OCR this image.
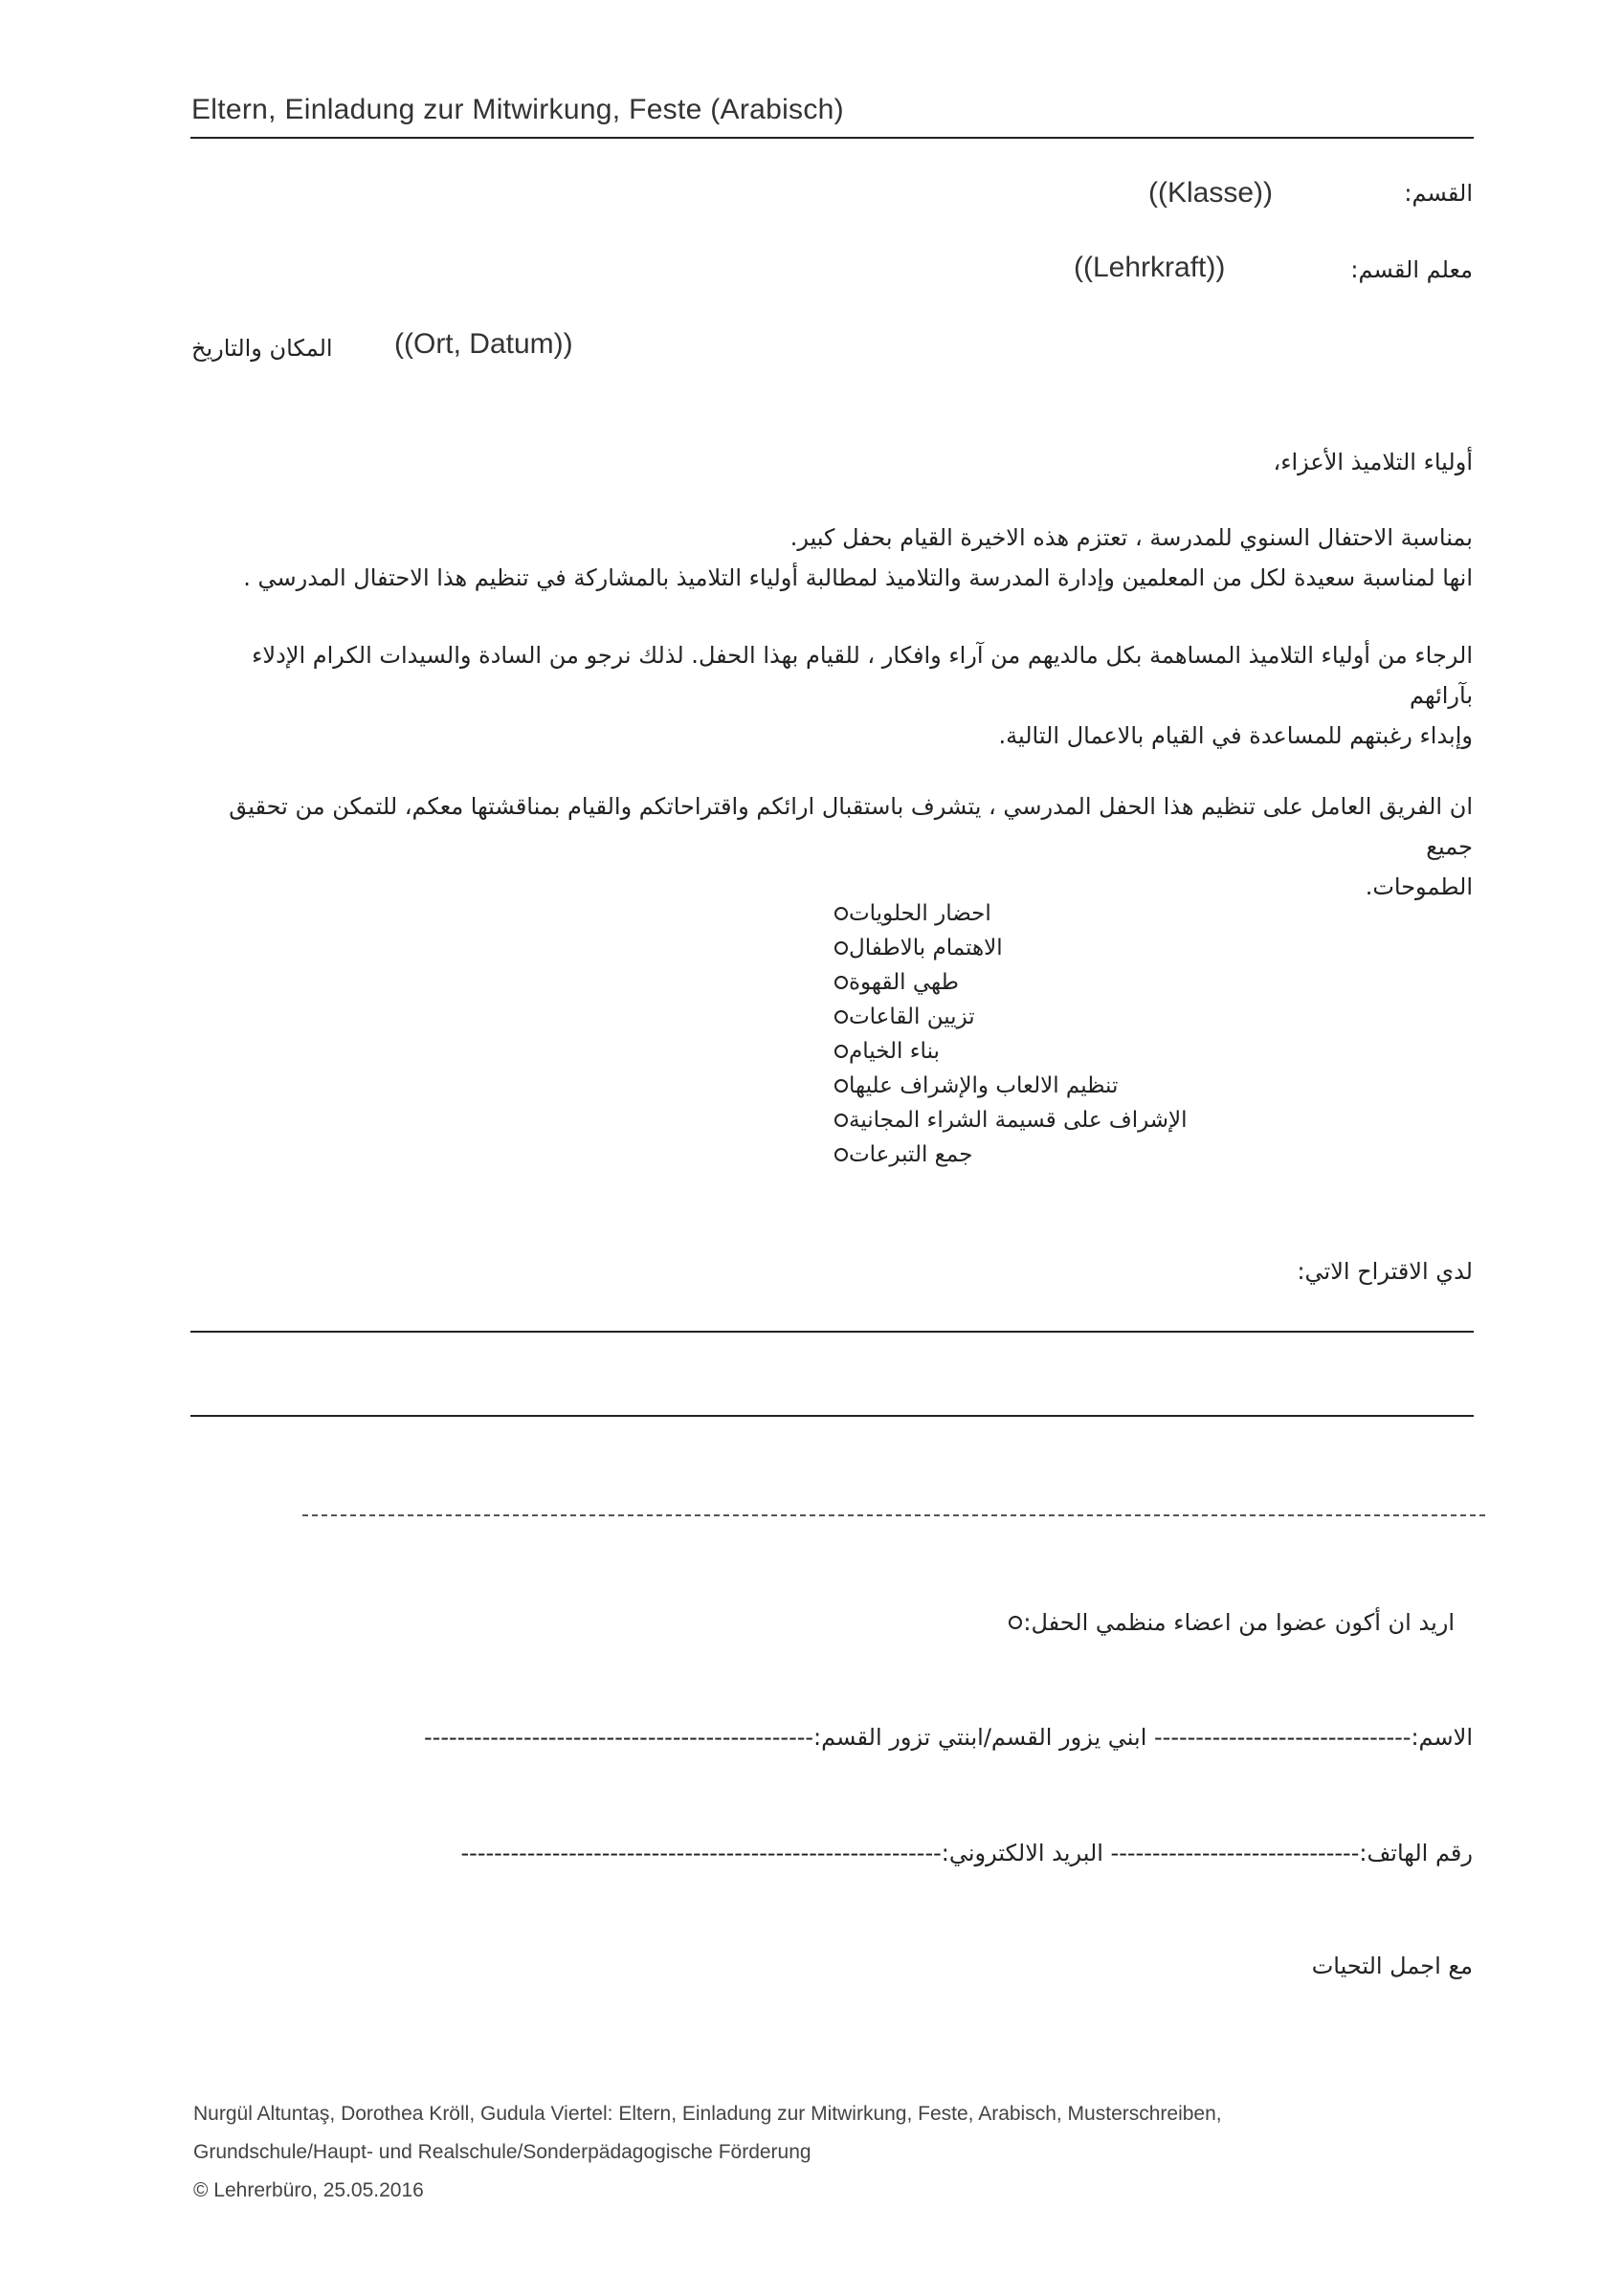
Eltern, Einladung zur Mitwirkung, Feste (Arabisch)
القسم:
((Klasse))
معلم القسم:
((Lehrkraft))
المكان والتاريخ ((Ort, Datum))

أولياء التلاميذ الأعزاء،

بمناسبة الاحتفال السنوي للمدرسة ، تعتزم هذه الاخيرة القيام بحفل كبير.

انها لمناسبة سعيدة لكل من المعلمين وإدارة المدرسة والتلاميذ لمطالبة أولياء التلاميذ بالمشاركة في تنظيم هذا الاحتفال المدرسي .

الرجاء من أولياء التلاميذ المساهمة بكل مالديهم من آراء وافكار ، للقيام بهذا الحفل. لذلك نرجو من السادة والسيدات الكرام الإدلاء بآرائهم

وإبداء رغبتهم للمساعدة في القيام بالاعمال التالية.

ان الفريق العامل على تنظيم هذا الحفل المدرسي ، يتشرف باستقبال ارائكم واقتراحاتكم والقيام بمناقشتها معكم، للتمكن من تحقيق جميع

الطموحات.

احضار الحلويات
الاهتمام بالاطفال
طهي القهوة
تزيين القاعات
بناء الخيام
تنظيم الالعاب والإشراف عليها
الإشراف على قسيمة الشراء المجانية
جمع التبرعات
لدي الاقتراح الاتي:
اريد ان أكون عضوا من اعضاء منظمي الحفل:
الاسم:------------------------------- ابني يزور القسم/ابنتي تزور القسم:-----------------------------------------------
رقم الهاتف:------------------------------ البريد الالكتروني:----------------------------------------------------------
مع اجمل التحيات
Nurgül Altuntaş, Dorothea Kröll, Gudula Viertel: Eltern, Einladung zur Mitwirkung, Feste, Arabisch, Musterschreiben,
Grundschule/Haupt- und Realschule/Sonderpädagogische Förderung
© Lehrerbüro, 25.05.2016
